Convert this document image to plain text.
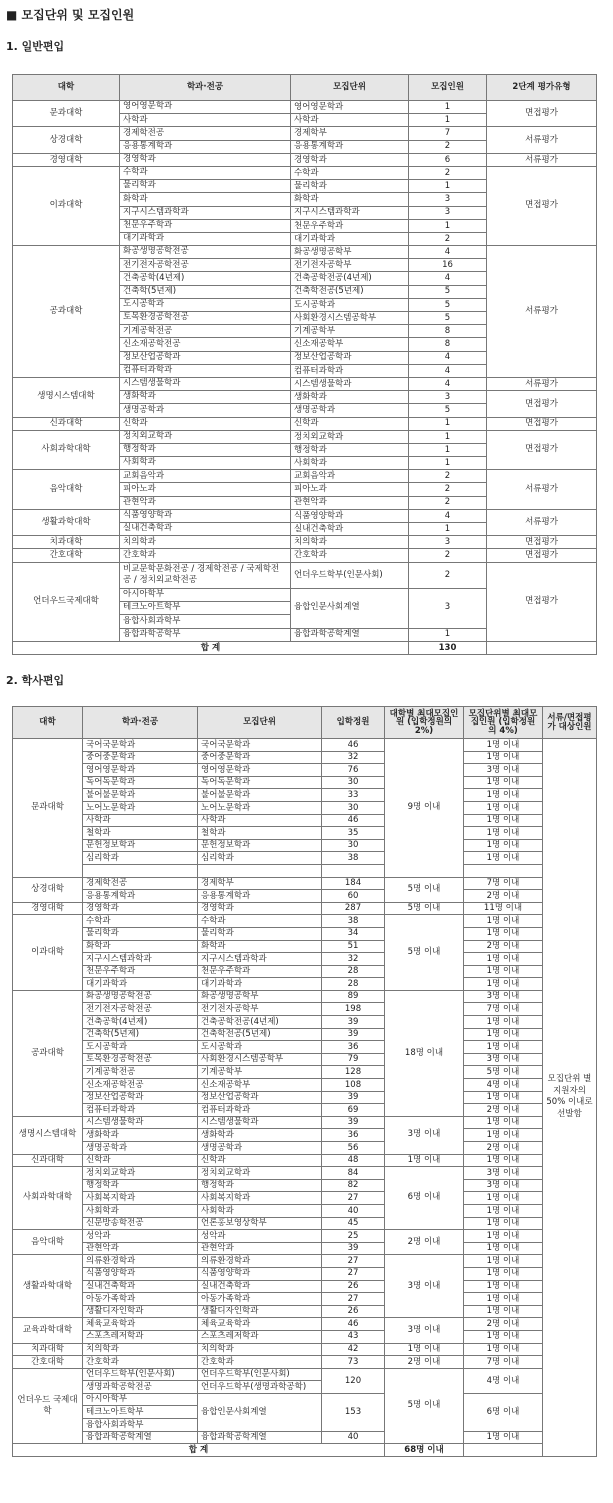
■ 모집단위 및 모집인원
1. 일반편입
대학	학과·전공	모집단위	모집인원	2단계 평가유형
문과대학	영어영문학과	영어영문학과	1	면접평가
	사학과	사학과	1	
상경대학	경제학전공	경제학부	7	서류평가
	응용통계학과	응용통계학과	2	
경영대학	경영학과	경영학과	6	서류평가
이과대학	수학과	수학과	2	면접평가
	물리학과	물리학과	1	
	화학과	화학과	3	
	지구시스템과학과	지구시스템과학과	3	
	천문우주학과	천문우주학과	1	
	대기과학과	대기과학과	2	
공과대학	화공생명공학전공	화공생명공학부	4	서류평가
	전기전자공학전공	전기전자공학부	16	
	건축공학(4년제)	건축공학전공(4년제)	4	
	건축학(5년제)	건축학전공(5년제)	5	
	도시공학과	도시공학과	5	
	토목환경공학전공	사회환경시스템공학부	5	
	기계공학전공	기계공학부	8	
	신소재공학전공	신소재공학부	8	
	정보산업공학과	정보산업공학과	4	
	컴퓨터과학과	컴퓨터과학과	4	
생명시스템대학	시스템생물학과	시스템생물학과	4	서류평가
	생화학과	생화학과	3	면접평가
	생명공학과	생명공학과	5	
신과대학	신학과	신학과	1	면접평가
사회과학대학	정치외교학과	정치외교학과	1	면접평가
	행정학과	행정학과	1	
	사회학과	사회학과	1	
음악대학	교회음악과	교회음악과	2	서류평가
	피아노과	피아노과	2	
	관현악과	관현악과	2	
생활과학대학	식품영양학과	식품영양학과	4	서류평가
	실내건축학과	실내건축학과	1	
치과대학	치의학과	치의학과	3	면접평가
간호대학	간호학과	간호학과	2	면접평가
언더우드국제대학	비교문학문화전공 / 경제학전공 / 국제학전공 / 정치외교학전공	언더우드학부(인문사회)	2	면접평가

	아시아학부	융합인문사회계열	3	
	테크노아트학부			
	융합사회과학부			
	융합과학공학부	융합과학공학계열	1	
합 계			130	
2. 학사편입
대학	학과·전공	모집단위	입학정원	대학별 최대모집인원 (입학정원의 2%)	모집단위별 최대모집인원 (입학정원의 4%)	서류/면접평가 대상인원	
문과대학	국어국문학과	국어국문학과	46	9명 이내	1명 이내	모집단위 별 지원자의 50% 이내로 선발함	
	중어중문학과	중어중문학과	32		1명 이내		
	영어영문학과	영어영문학과	76		3명 이내		
	독어독문학과	독어독문학과	30		1명 이내		
	불어불문학과	불어불문학과	33		1명 이내		
	노어노문학과	노어노문학과	30		1명 이내		
	사학과	사학과	46		1명 이내		
	철학과	철학과	35		1명 이내		
	문헌정보학과	문헌정보학과	30		1명 이내		
	심리학과	심리학과	38		1명 이내		

상경대학	경제학전공	경제학부	184	5명 이내	7명 이내		
	응용통계학과	응용통계학과	60		2명 이내		
경영대학	경영학과	경영학과	287	5명 이내	11명 이내		
이과대학	수학과	수학과	38	5명 이내	1명 이내		
	물리학과	물리학과	34		1명 이내		
	화학과	화학과	51		2명 이내		
	지구시스템과학과	지구시스템과학과	32		1명 이내		
	천문우주학과	천문우주학과	28		1명 이내		
	대기과학과	대기과학과	28		1명 이내		
공과대학	화공생명공학전공	화공생명공학부	89	18명 이내	3명 이내		
	전기전자공학전공	전기전자공학부	198		7명 이내		
	건축공학(4년제)	건축공학전공(4년제)	39		1명 이내		
	건축학(5년제)	건축학전공(5년제)	39		1명 이내		
	도시공학과	도시공학과	36		1명 이내		
	토목환경공학전공	사회환경시스템공학부	79		3명 이내		
	기계공학전공	기계공학부	128		5명 이내		
	신소재공학전공	신소재공학부	108		4명 이내		
	정보산업공학과	정보산업공학과	39		1명 이내		
	컴퓨터과학과	컴퓨터과학과	69		2명 이내		
생명시스템대학	시스템생물학과	시스템생물학과	39	3명 이내	1명 이내		
	생화학과	생화학과	36		1명 이내		
	생명공학과	생명공학과	56		2명 이내		
신과대학	신학과	신학과	48	1명 이내	1명 이내		
사회과학대학	정치외교학과	정치외교학과	84	6명 이내	3명 이내		
	행정학과	행정학과	82		3명 이내		
	사회복지학과	사회복지학과	27		1명 이내		
	사회학과	사회학과	40		1명 이내		
	신문방송학전공	언론홍보영상학부	45		1명 이내		
음악대학	성악과	성악과	25	2명 이내	1명 이내		
	관현악과	관현악과	39		1명 이내		
생활과학대학	의류환경학과	의류환경학과	27	3명 이내	1명 이내		
	식품영양학과	식품영양학과	27		1명 이내		
	실내건축학과	실내건축학과	26		1명 이내		
	아동가족학과	아동가족학과	27		1명 이내		
	생활디자인학과	생활디자인학과	26		1명 이내		
교육과학대학	체육교육학과	체육교육학과	46	3명 이내	2명 이내		
	스포츠레저학과	스포츠레저학과	43		1명 이내		
치과대학	치의학과	치의학과	42	1명 이내	1명 이내		
간호대학	간호학과	간호학과	73	2명 이내	7명 이내		
언더우드 국제대학	언더우드학부(인문사회)	언더우드학부(인문사회)	120	5명 이내	4명 이내		
	생명과학공학전공	언더우드학부(생명과학공학)					
	아시아학부	융합인문사회계열	153		6명 이내		
	테크노아트학부						
	융합사회과학부						
	융합과학공학계열	융합과학공학계열	40		1명 이내		
합 계				68명 이내		
